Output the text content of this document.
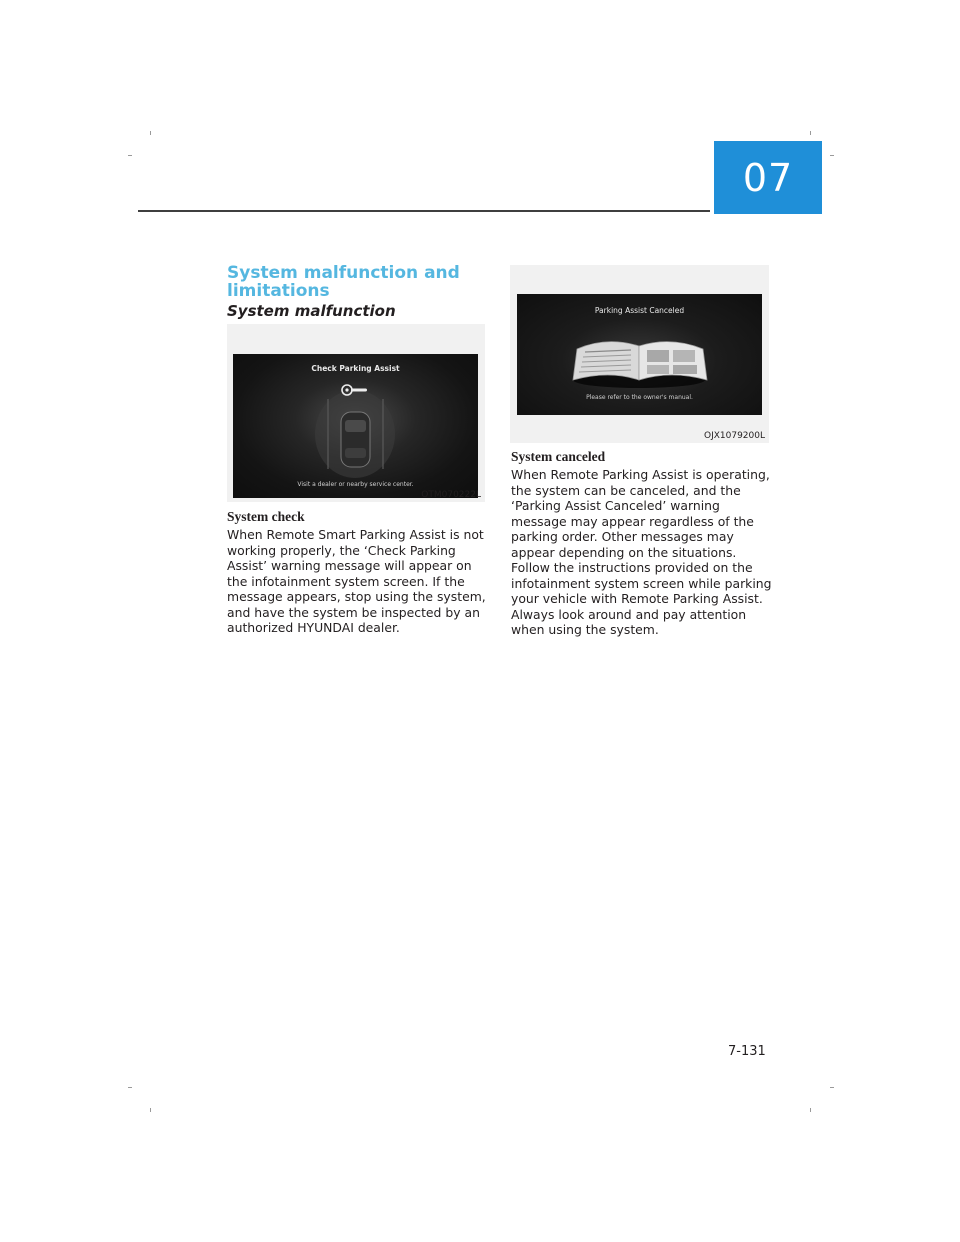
07
System malfunction and limitations
System malfunction
Check Parking Assist
Visit a dealer or nearby service center.
OTM070222L
System check
When Remote Smart Parking Assist is not working properly, the ‘Check Parking Assist’ warning message will appear on the infotainment system screen. If the message appears, stop using the system, and have the system be inspected by an authorized HYUNDAI dealer.
Parking Assist Canceled
Please refer to the owner's manual.
OJX1079200L
System canceled
When Remote Parking Assist is operating, the system can be canceled, and the ‘Parking Assist Canceled’ warning message may appear regardless of the parking order. Other messages may appear depending on the situations. Follow the instructions provided on the infotainment system screen while parking your vehicle with Remote Parking Assist. Always look around and pay attention when using the system.
7-131
